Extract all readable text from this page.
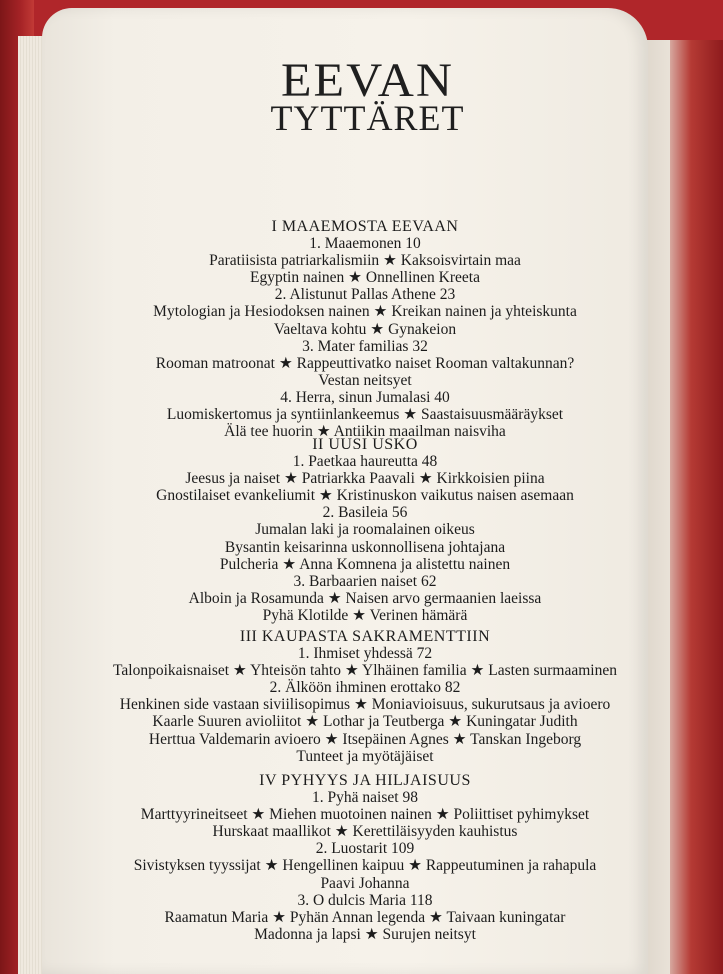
EEVAN
TYTTÄRET
I MAAEMOSTA EEVAAN
1. Maaemonen 10
Paratiisista patriarkalismiin ★ Kaksoisvirtain maa
Egyptin nainen ★ Onnellinen Kreeta
2. Alistunut Pallas Athene 23
Mytologian ja Hesiodoksen nainen ★ Kreikan nainen ja yhteiskunta
Vaeltava kohtu ★ Gynakeion
3. Mater familias 32
Rooman matroonat ★ Rappeuttivatko naiset Rooman valtakunnan?
Vestan neitsyet
4. Herra, sinun Jumalasi 40
Luomiskertomus ja syntiinlankeemus ★ Saastaisuusmääräykset
Älä tee huorin ★ Antiikin maailman naisviha
II UUSI USKO
1. Paetkaa haureutta 48
Jeesus ja naiset ★ Patriarkka Paavali ★ Kirkkoisien piina
Gnostilaiset evankeliumit ★ Kristinuskon vaikutus naisen asemaan
2. Basileia 56
Jumalan laki ja roomalainen oikeus
Bysantin keisarinna uskonnollisena johtajana
Pulcheria ★ Anna Komnena ja alistettu nainen
3. Barbaarien naiset 62
Alboin ja Rosamunda ★ Naisen arvo germaanien laeissa
Pyhä Klotilde ★ Verinen hämärä
III KAUPASTA SAKRAMENTTIIN
1. Ihmiset yhdessä 72
Talonpoikaisnaiset ★ Yhteisön tahto ★ Ylhäinen familia ★ Lasten surmaaminen
2. Älköön ihminen erottako 82
Henkinen side vastaan siviilisopimus ★ Moniavioisuus, sukurutsaus ja avioero
Kaarle Suuren avioliitot ★ Lothar ja Teutberga ★ Kuningatar Judith
Herttua Valdemarin avioero ★ Itsepäinen Agnes ★ Tanskan Ingeborg
Tunteet ja myötäjäiset
IV PYHYYS JA HILJAISUUS
1. Pyhä naiset 98
Marttyyrineitseet ★ Miehen muotoinen nainen ★ Poliittiset pyhimykset
Hurskaat maallikot ★ Kerettiläisyyden kauhistus
2. Luostarit 109
Sivistyksen tyyssijat ★ Hengellinen kaipuu ★ Rappeutuminen ja rahapula
Paavi Johanna
3. O dulcis Maria 118
Raamatun Maria ★ Pyhän Annan legenda ★ Taivaan kuningatar
Madonna ja lapsi ★ Surujen neitsyt
